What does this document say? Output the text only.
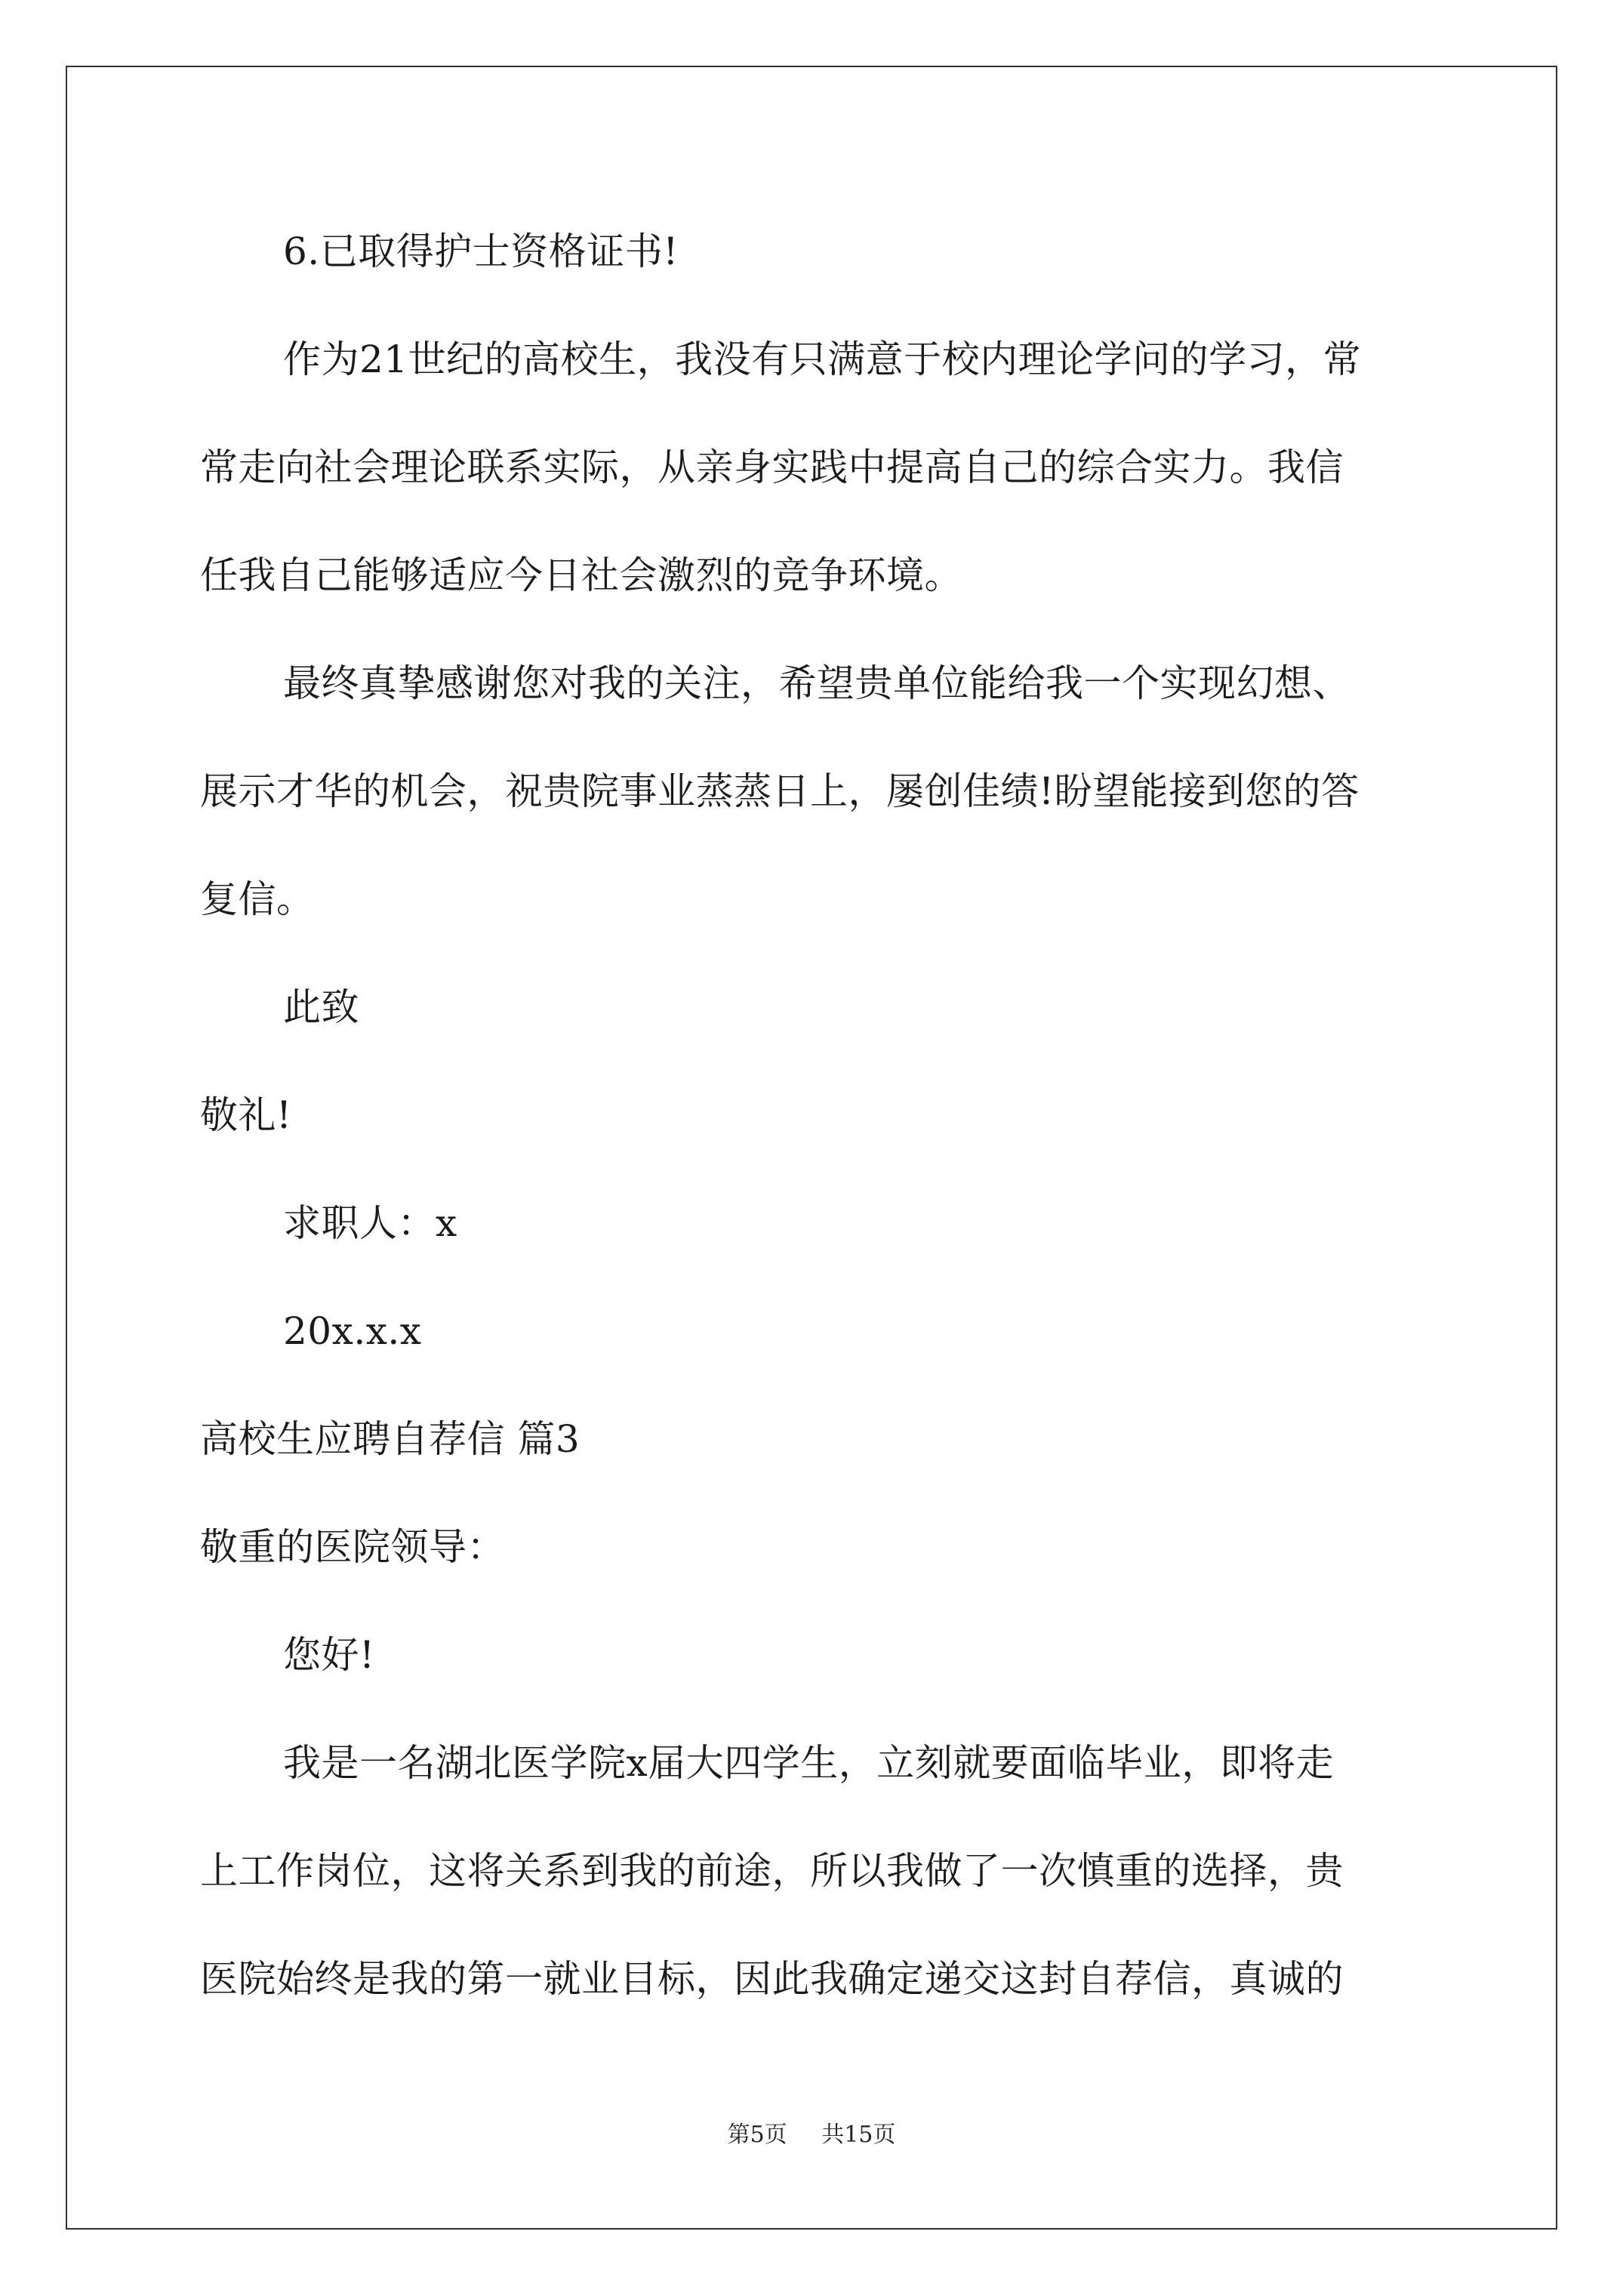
6.已取得护士资格证书!
作为21世纪的高校生，我没有只满意于校内理论学问的学习，常
常走向社会理论联系实际，从亲身实践中提高自己的综合实力。我信
任我自己能够适应今日社会激烈的竞争环境。
最终真挚感谢您对我的关注，希望贵单位能给我一个实现幻想、
展示才华的机会，祝贵院事业蒸蒸日上，屡创佳绩!盼望能接到您的答
复信。
此致
敬礼!
求职人：x
20x.x.x
高校生应聘自荐信 篇3
敬重的医院领导：
您好!
我是一名湖北医学院x届大四学生，立刻就要面临毕业，即将走
上工作岗位，这将关系到我的前途，所以我做了一次慎重的选择，贵
医院始终是我的第一就业目标，因此我确定递交这封自荐信，真诚的
第5页 共15页
